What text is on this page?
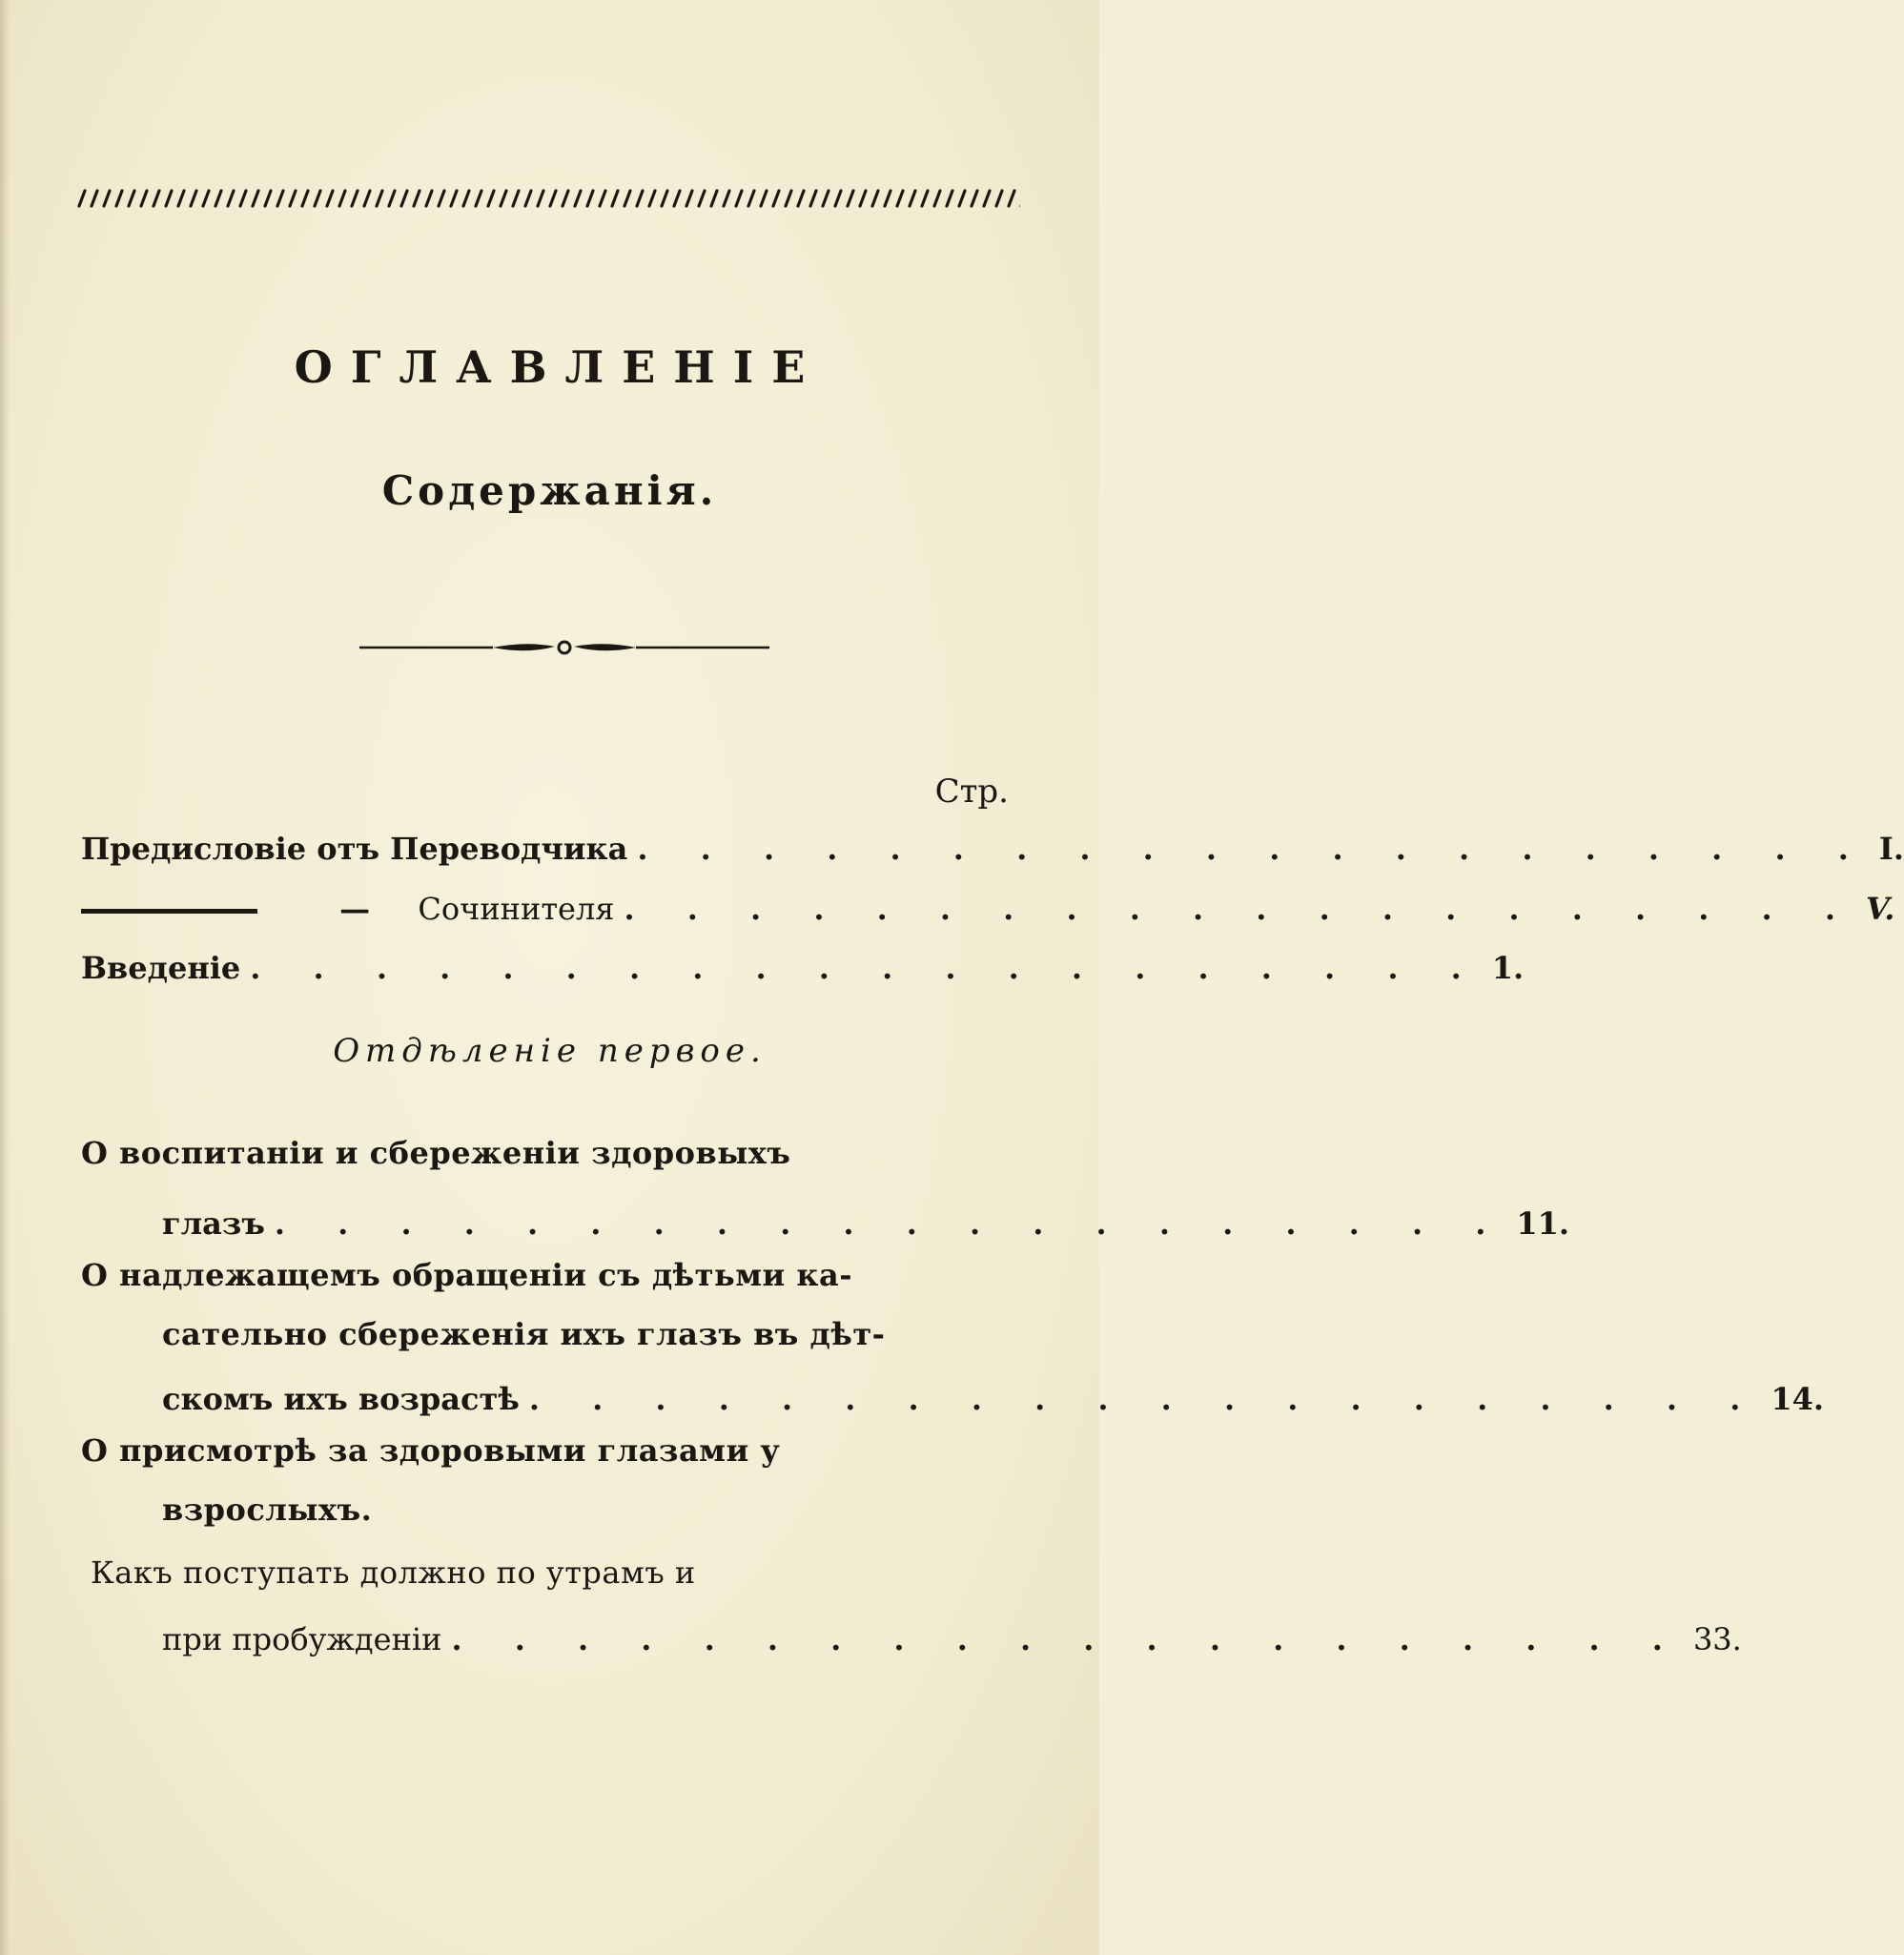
ОГЛАВЛЕНІЕ
Содержанія.
Стр.
Предисловіе отъ Переводчика . . . . . . . . . . . . . . . . . . . . I.
— Сочинителя . . . . . . . . . . . . . . . . . . . . V.
Введеніе . . . . . . . . . . . . . . . . . . . . 1.
Отдѣленіе первое.
О воспитаніи и сбереженіи здоровыхъ
глазъ . . . . . . . . . . . . . . . . . . . . 11.
О надлежащемъ обращеніи съ дѣтьми ка-
сательно сбереженія ихъ глазъ въ дѣт-
скомъ ихъ возрастѣ . . . . . . . . . . . . . . . . . . . . 14.
О присмотрѣ за здоровыми глазами у
взрослыхъ.
Какъ поступать должно по утрамъ и
при пробужденіи . . . . . . . . . . . . . . . . . . . . 33.
